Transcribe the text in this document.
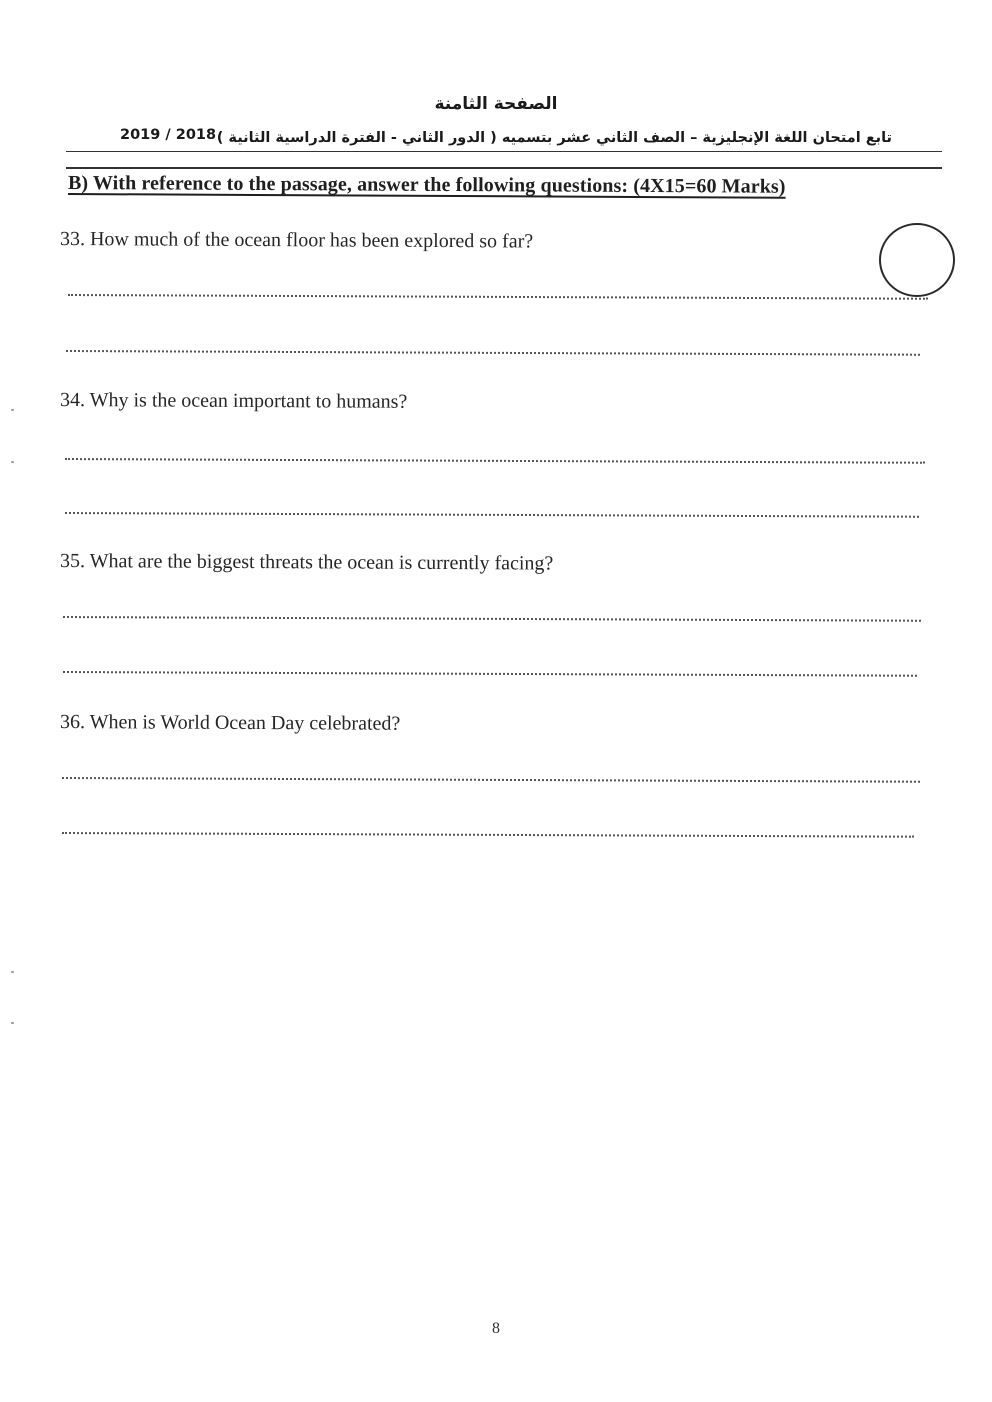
الصفحة الثامنة
2019 / 2018 تابع امتحان اللغة الإنجليزية – الصف الثاني عشر بتسميه ( الدور الثاني - الفترة الدراسية الثانية )
B) With reference to the passage, answer the following questions: (4X15=60 Marks)
33. How much of the ocean floor has been explored so far?
34. Why is the ocean important to humans?
35. What are the biggest threats the ocean is currently facing?
36. When is World Ocean Day celebrated?
8
